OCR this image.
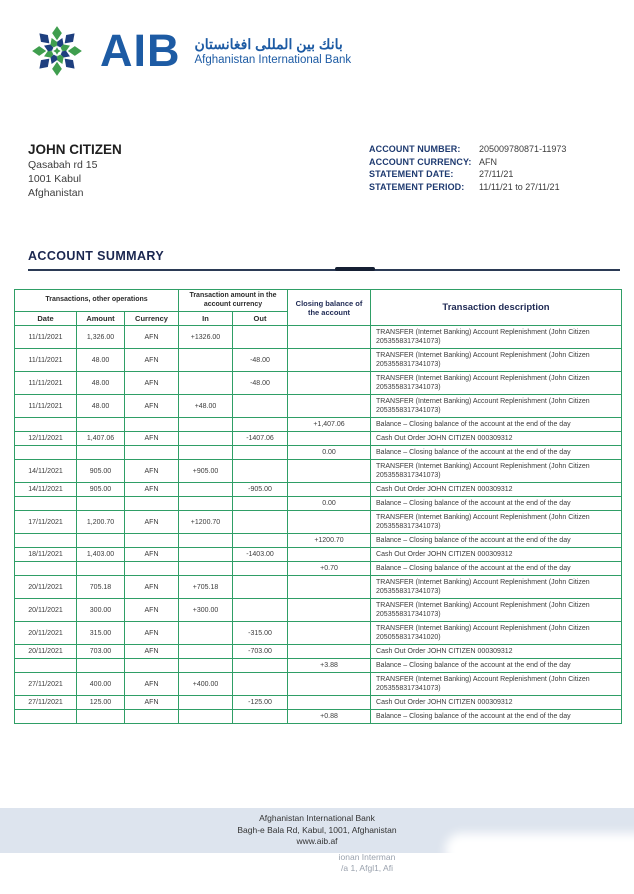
AIB بانك بين المللى افغانستان
Afghanistan International Bank
JOHN CITIZEN
Qasabah rd 15
1001 Kabul
Afghanistan
ACCOUNT NUMBER:	205009780871-11973
ACCOUNT CURRENCY: AFN
STATEMENT DATE:	27/11/21
STATEMENT PERIOD:	11/11/21 to 27/11/21
ACCOUNT SUMMARY
Transactions, other operations			Transaction amount in the account currency		Closing balance of the account	Transaction description
Date	Amount	Currency	In	Out		
11/11/2021	1,326.00	AFN	+1326.00			TRANSFER (Internet Banking) Account Replenishment (John Citizen 2053558317341073)
11/11/2021	48.00	AFN		-48.00		TRANSFER (Internet Banking) Account Replenishment (John Citizen 2053558317341073)
11/11/2021	48.00	AFN		-48.00		TRANSFER (Internet Banking) Account Replenishment (John Citizen 2053558317341073)
11/11/2021	48.00	AFN	+48.00			TRANSFER (Internet Banking) Account Replenishment (John Citizen 2053558317341073)
					+1,407.06	Balance – Closing balance of the account at the end of the day
12/11/2021	1,407.06	AFN		-1407.06		Cash Out Order JOHN CITIZEN 000309312
					0.00	Balance – Closing balance of the account at the end of the day
14/11/2021	905.00	AFN	+905.00			TRANSFER (Internet Banking) Account Replenishment (John Citizen 2053558317341073)
14/11/2021	905.00	AFN		-905.00		Cash Out Order JOHN CITIZEN 000309312
					0.00	Balance – Closing balance of the account at the end of the day
17/11/2021	1,200.70	AFN	+1200.70			TRANSFER (Internet Banking) Account Replenishment (John Citizen 2053558317341073)
					+1200.70	Balance – Closing balance of the account at the end of the day
18/11/2021	1,403.00	AFN		-1403.00		Cash Out Order JOHN CITIZEN 000309312
					+0.70	Balance – Closing balance of the account at the end of the day
20/11/2021	705.18	AFN	+705.18			TRANSFER (Internet Banking) Account Replenishment (John Citizen 2053558317341073)
20/11/2021	300.00	AFN	+300.00			TRANSFER (Internet Banking) Account Replenishment (John Citizen 2053558317341073)
20/11/2021	315.00	AFN		-315.00		TRANSFER (Internet Banking) Account Replenishment (John Citizen 2050558317341020)
20/11/2021	703.00	AFN		-703.00		Cash Out Order JOHN CITIZEN 000309312
					+3.88	Balance – Closing balance of the account at the end of the day
27/11/2021	400.00	AFN	+400.00			TRANSFER (Internet Banking) Account Replenishment (John Citizen 2053558317341073)
27/11/2021	125.00	AFN		-125.00		Cash Out Order JOHN CITIZEN 000309312
					+0.88	Balance – Closing balance of the account at the end of the day
Afghanistan International Bank
Bagh-e Bala Rd, Kabul, 1001, Afghanistan
www.aib.af
ionan Interman
/a 1, Afgl1, Afi
